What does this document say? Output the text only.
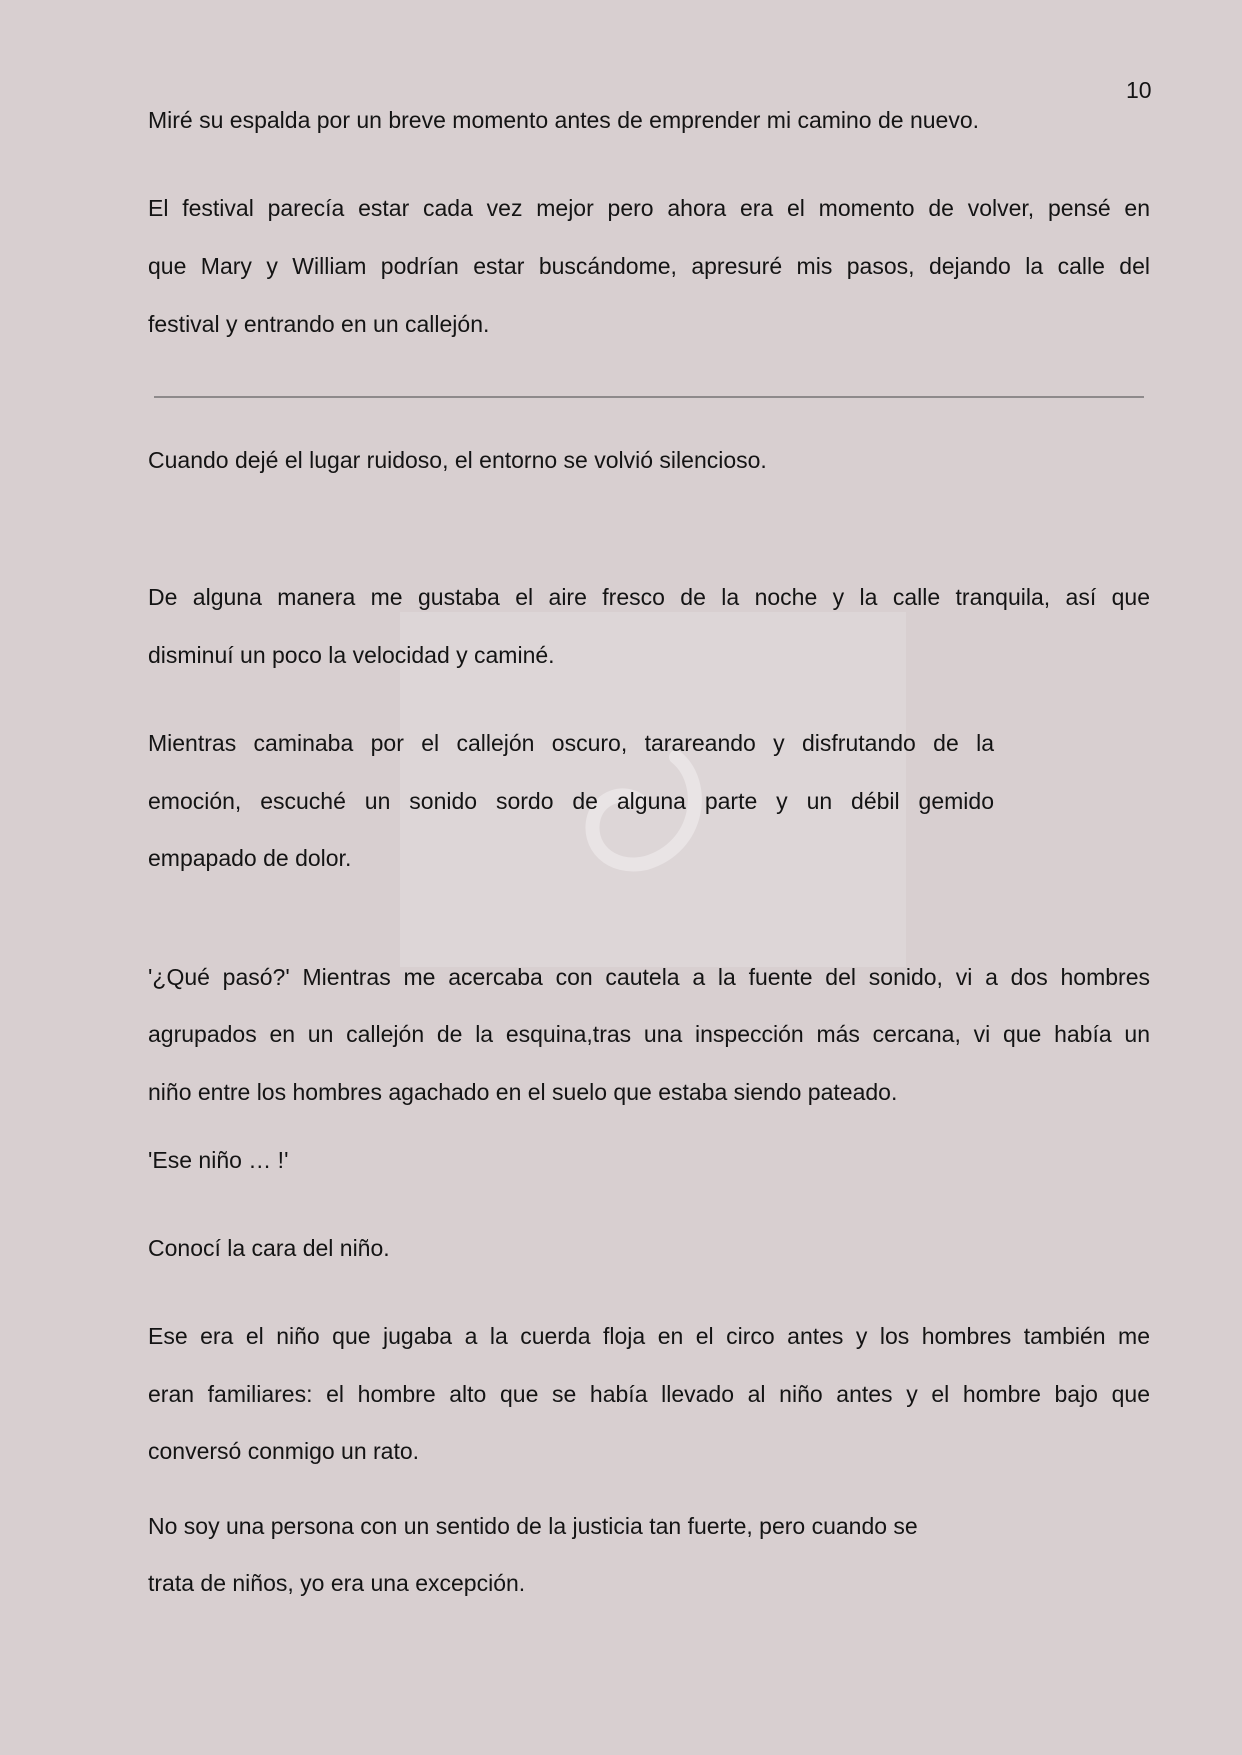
10
Miré su espalda por un breve momento antes de emprender mi camino de nuevo.
El festival parecía estar cada vez mejor pero ahora era el momento de volver, pensé en
que Mary y William podrían estar buscándome, apresuré mis pasos, dejando la calle del
festival y entrando en un callejón.
Cuando dejé el lugar ruidoso, el entorno se volvió silencioso.
De alguna manera me gustaba el aire fresco de la noche y la calle tranquila, así que
disminuí un poco la velocidad y caminé.
Mientras caminaba por el callejón oscuro, tarareando y disfrutando de la
emoción, escuché un sonido sordo de alguna parte y un débil gemido
empapado de dolor.
'¿Qué pasó?' Mientras me acercaba con cautela a la fuente del sonido, vi a dos hombres
agrupados en un callejón de la esquina,tras una inspección más cercana, vi que había un
niño entre los hombres agachado en el suelo que estaba siendo pateado.
'Ese niño … !'
Conocí la cara del niño.
Ese era el niño que jugaba a la cuerda floja en el circo antes y los hombres también me
eran familiares: el hombre alto que se había llevado al niño antes y el hombre bajo que
conversó conmigo un rato.
No soy una persona con un sentido de la justicia tan fuerte, pero cuando se
trata de niños, yo era una excepción.
